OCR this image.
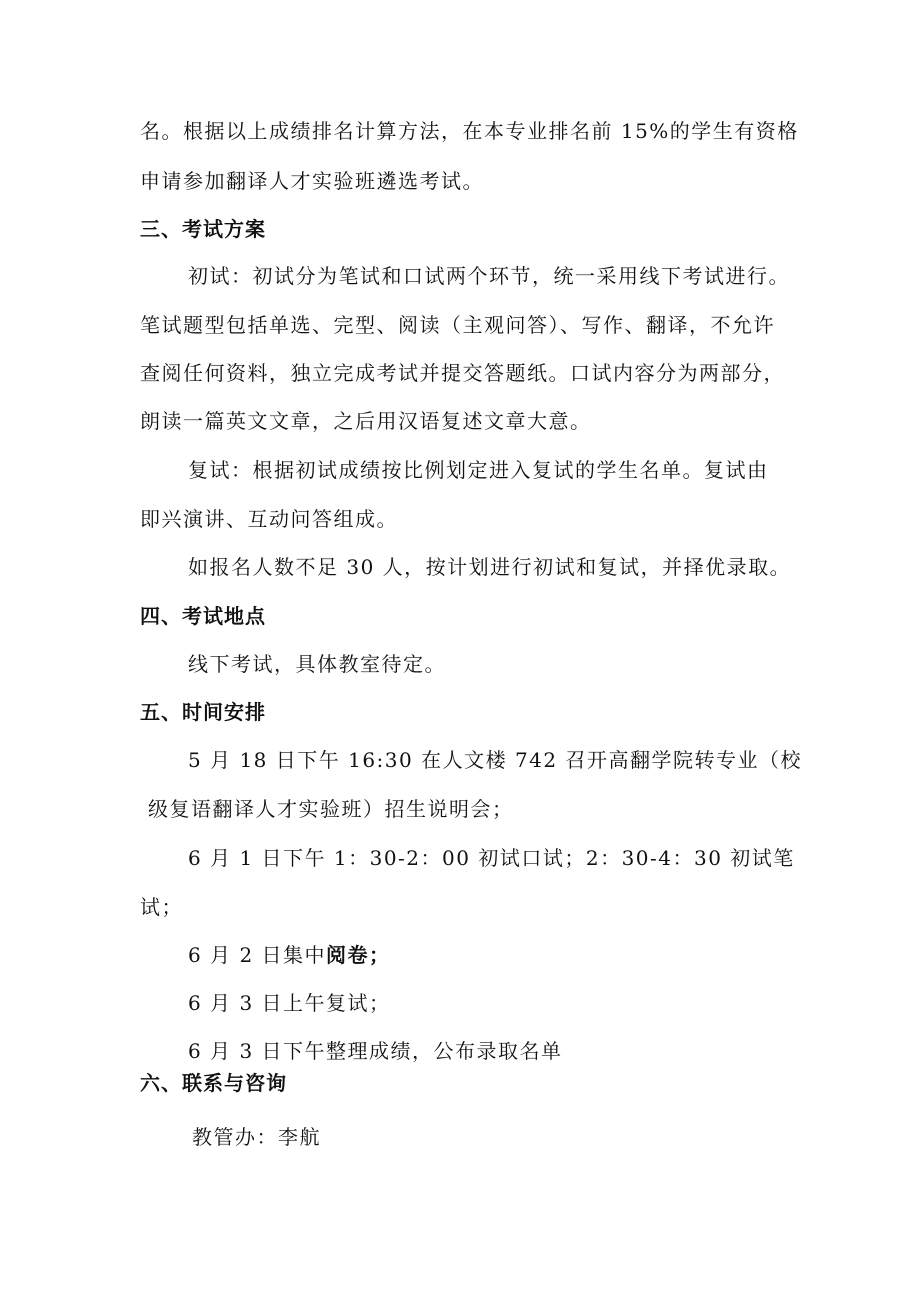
名。根据以上成绩排名计算方法，在本专业排名前 15%的学生有资格
申请参加翻译人才实验班遴选考试。
三、考试方案
初试：初试分为笔试和口试两个环节，统一采用线下考试进行。
笔试题型包括单选、完型、阅读（主观问答）、写作、翻译，不允许
查阅任何资料，独立完成考试并提交答题纸。口试内容分为两部分，
朗读一篇英文文章，之后用汉语复述文章大意。
复试：根据初试成绩按比例划定进入复试的学生名单。复试由
即兴演讲、互动问答组成。
如报名人数不足 30 人，按计划进行初试和复试，并择优录取。
四、考试地点
线下考试，具体教室待定。
五、时间安排
5 月 18 日下午 16:30 在人文楼 742 召开高翻学院转专业（校
级复语翻译人才实验班）招生说明会；
6 月 1 日下午 1：30-2：00 初试口试；2：30-4：30 初试笔
试；
6 月 2 日集中阅卷；
6 月 3 日上午复试；
6 月 3 日下午整理成绩，公布录取名单
六、联系与咨询
教管办：李航
